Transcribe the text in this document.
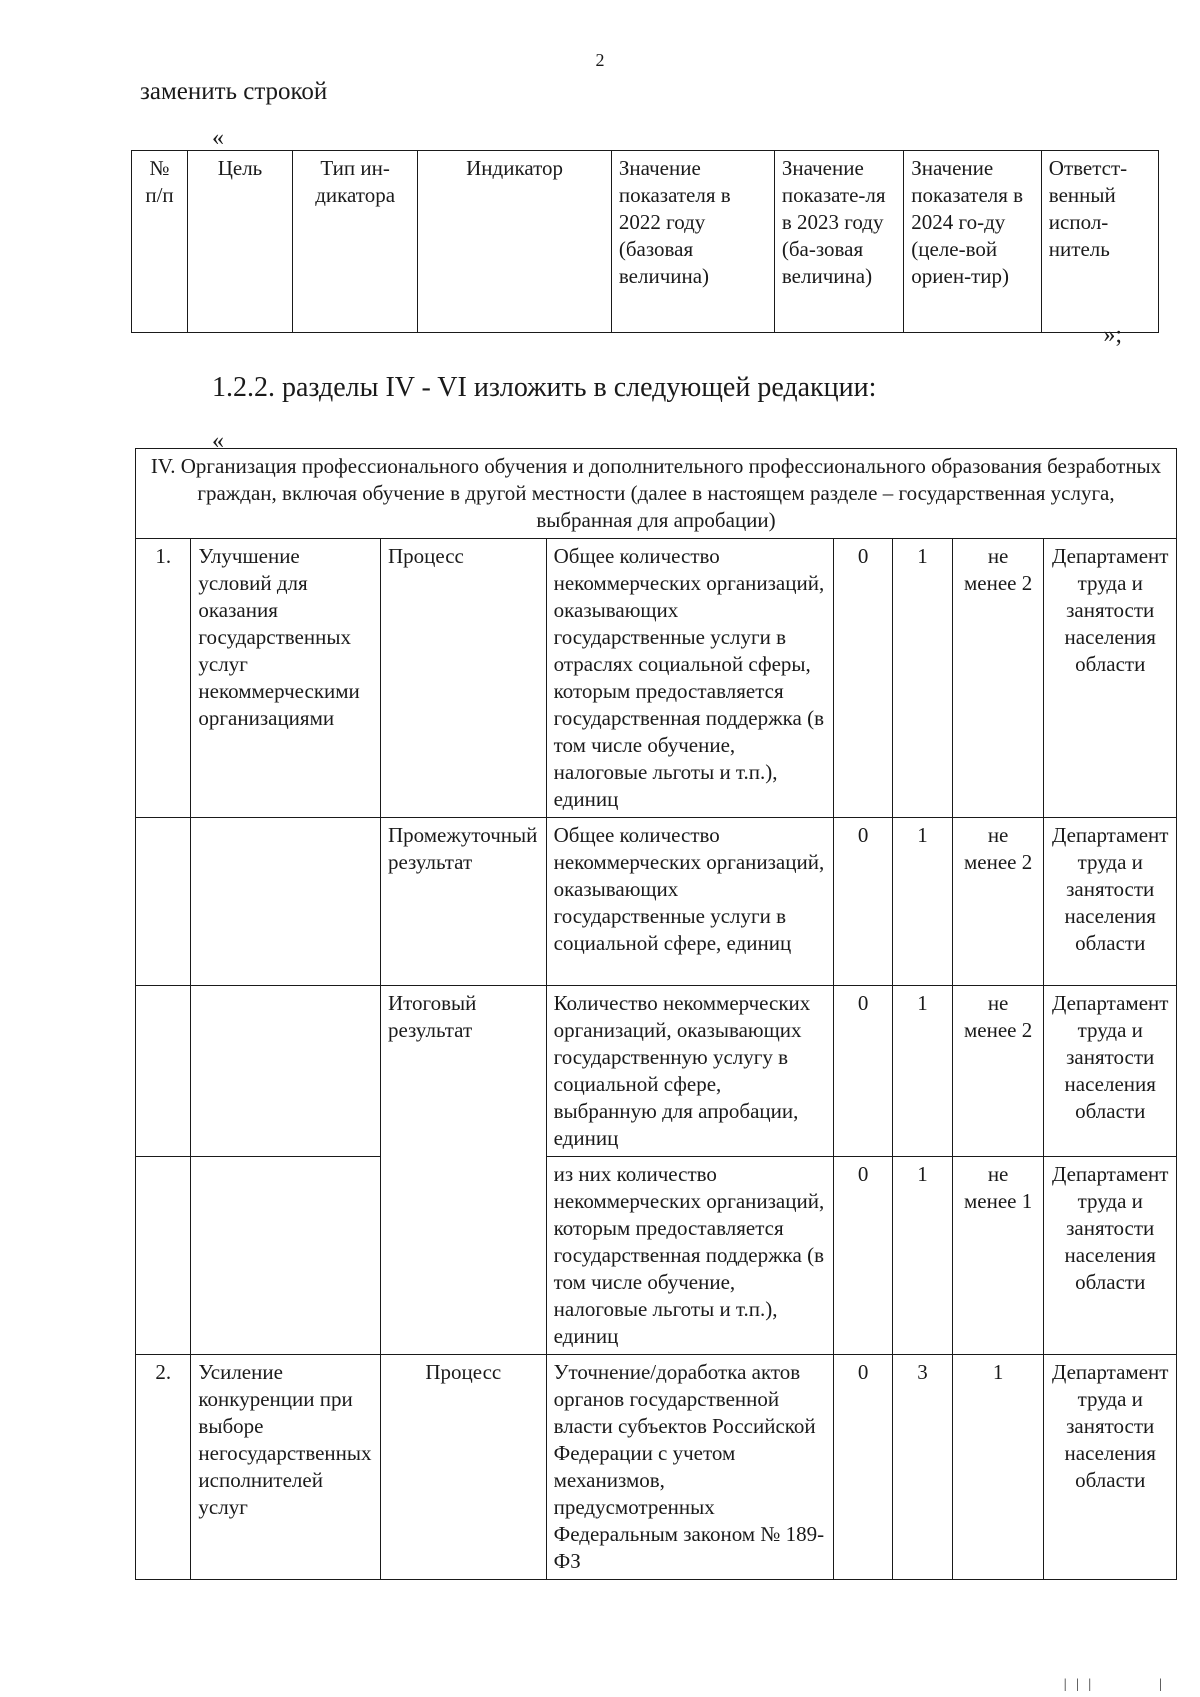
2
заменить строкой
«
№ п/п	Цель	Тип ин-дикатора	Индикатор	Значение показателя в 2022 году (базовая величина)	Значение показате-ля в 2023 году (ба-зовая величина)	Значение показателя в 2024 го-ду (целе-вой ориен-тир)	Ответст-венный испол-нитель
»;
1.2.2. разделы IV - VI изложить в следующей редакции:
«
IV. Организация профессионального обучения и дополнительного профессионального образования безработных граждан, включая обучение в другой местности (далее в настоящем разделе – государственная услуга, выбранная для апробации)							
1.	Улучшение условий для оказания государственных услуг некоммерческими организациями	Процесс	Общее количество некоммерческих организаций, оказывающих государственные услуги в отраслях социальной сферы, которым предоставляется государственная поддержка (в том числе обучение, налоговые льготы и т.п.), единиц	0	1	не менее 2	Департамент труда и занятости населения области
		Промежуточный результат	Общее количество некоммерческих организаций, оказывающих государственные услуги в социальной сфере, единиц	0	1	не менее 2	Департамент труда и занятости населения области
		Итоговый результат	Количество некоммерческих организаций, оказывающих государственную услугу в социальной сфере, выбранную для апробации, единиц	0	1	не менее 2	Департамент труда и занятости населения области
			из них количество некоммерческих организаций, которым предоставляется государственная поддержка (в том числе обучение, налоговые льготы и т.п.), единиц	0	1	не менее 1	Департамент труда и занятости населения области
2.	Усиление конкуренции при выборе негосударственных исполнителей услуг	Процесс	Уточнение/доработка актов органов государственной власти субъектов Российской Федерации с учетом механизмов, предусмотренных Федеральным законом № 189-ФЗ	0	3	1	Департамент труда и занятости населения области
| | |          |
